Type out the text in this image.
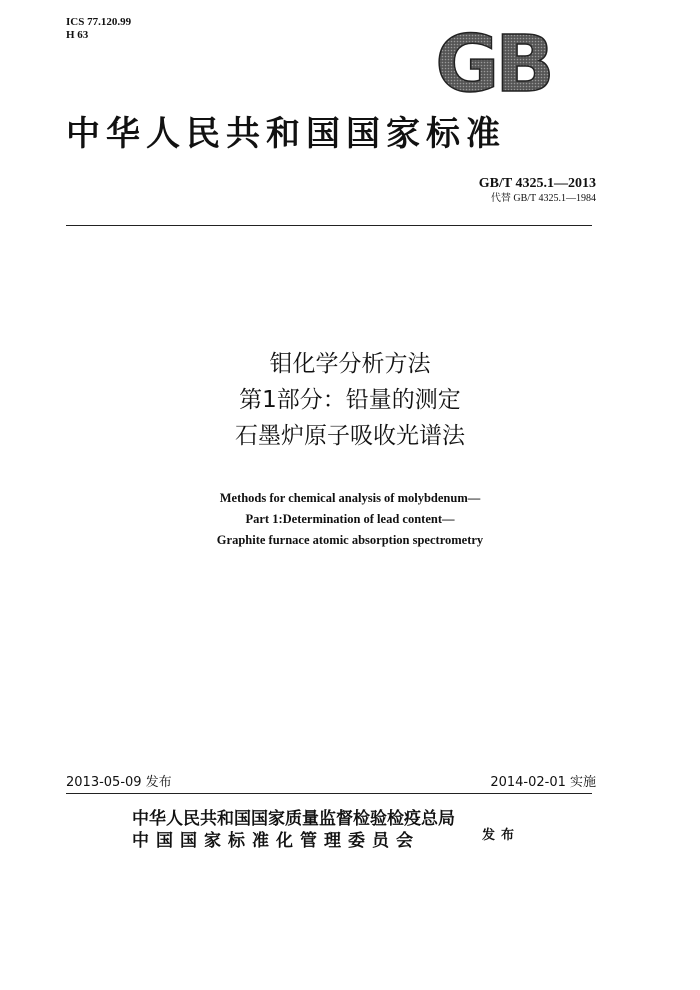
ICS 77.120.99
H 63	GB
中华人民共和国国家标准
GB/T 4325.1—2013
代替 GB/T 4325.1—1984
钼化学分析方法
第1部分：铅量的测定
石墨炉原子吸收光谱法
Methods for chemical analysis of molybdenum—
Part 1:Determination of lead content—
Graphite furnace atomic absorption spectrometry
2013-05-09 发布	2014-02-01 实施
中华人民共和国国家质量监督检验检疫总局
中国国家标准化管理委员会	发布
